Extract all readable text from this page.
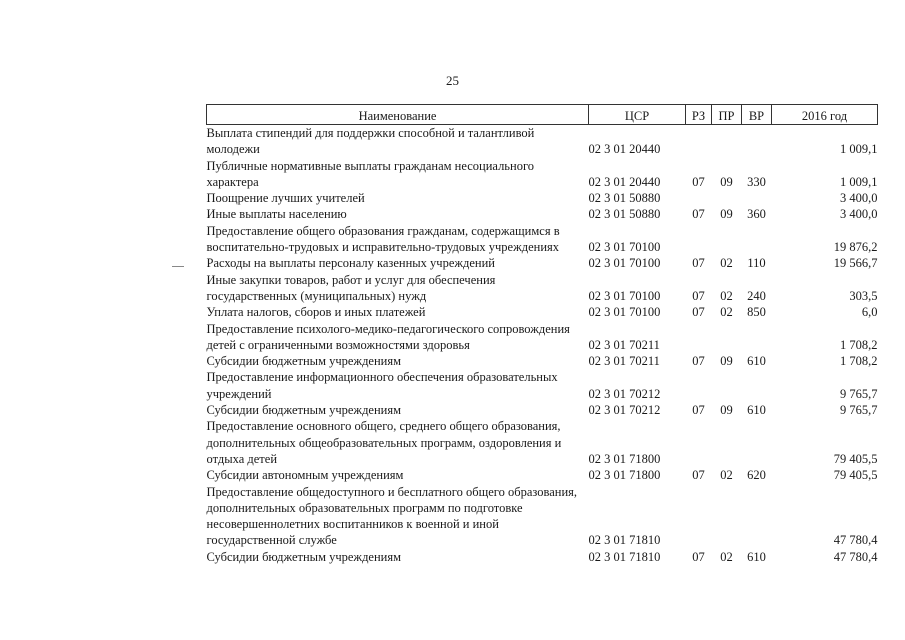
25
Наименование	ЦСР	РЗ	ПР	ВР	2016 год
Выплата стипендий для поддержки способной и талантливой молодежи	02 3 01 20440				1 009,1
Публичные нормативные выплаты гражданам несоциального характера	02 3 01 20440	07	09	330	1 009,1
Поощрение лучших учителей	02 3 01 50880				3 400,0
Иные выплаты населению	02 3 01 50880	07	09	360	3 400,0
Предоставление общего образования гражданам, содержащимся в воспитательно-трудовых и исправительно-трудовых учреждениях	02 3 01 70100				19 876,2
Расходы на выплаты персоналу казенных учреждений	02 3 01 70100	07	02	110	19 566,7
Иные закупки товаров, работ и услуг для обеспечения государственных (муниципальных) нужд	02 3 01 70100	07	02	240	303,5
Уплата налогов, сборов и иных платежей	02 3 01 70100	07	02	850	6,0
Предоставление психолого-медико-педагогического сопровождения детей с ограниченными возможностями здоровья	02 3 01 70211				1 708,2
Субсидии бюджетным учреждениям	02 3 01 70211	07	09	610	1 708,2
Предоставление информационного обеспечения образовательных учреждений	02 3 01 70212				9 765,7
Субсидии бюджетным учреждениям	02 3 01 70212	07	09	610	9 765,7
Предоставление основного общего, среднего общего образования, дополнительных общеобразовательных программ, оздоровления и отдыха детей	02 3 01 71800				79 405,5
Субсидии автономным учреждениям	02 3 01 71800	07	02	620	79 405,5
Предоставление общедоступного и бесплатного общего образования, дополнительных образовательных программ по подготовке несовершеннолетних воспитанников к военной и иной государственной службе	02 3 01 71810				47 780,4
Субсидии бюджетным учреждениям	02 3 01 71810	07	02	610	47 780,4
